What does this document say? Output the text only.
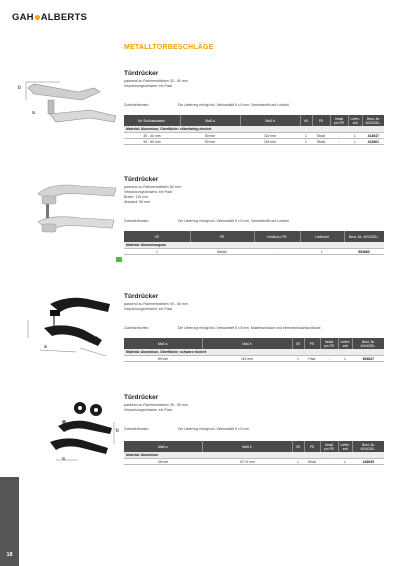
GAH ALBERTS
METALLTORBESCHLÄGE
b
a
Türdrücker
passend zu Rahmenstärken 30 - 60 mm
Verpackungshinweis: ein Paar
Zubehörhinweis:	Die Lieferung erfolgt inkl. Vierkantstift 8 x 8 mm, Gewindestift und Lochteil
für Schlosskasten	Maß a	Maß b	VE	PE	Inhalt pro PE	Liefer-zeit	Best.-Nr. 4004330...
Material: Aluminium, Oberfläche: silberfarbig eloxiert							
30 - 40 mm	50 mm	115 mm	1	Stück	-	L	412647
50 - 60 mm	50 mm	115 mm	1	Stück	-	L	412661
Türdrücker
passend zu Rahmenstärken 50 mm
Verpackungshinweis: ein Paar
Breite: 115 mm
Abstand: 50 mm
Zubehörhinweis:	Die Lieferung erfolgt inkl. Vierkantstift 8 x 8 mm, Gewindestift und Lochteil
VE	PE	Inhalt pro PE	Lieferzeit	Best.-Nr. 4004330...
Material: Aluminiumguss				
1	Beutel	-	L	554880
b
a
Türdrücker
passend zu Rahmenstärken 40 - 65 mm
Verpackungshinweis: ein Paar
Zubehörhinweis:	Die Lieferung erfolgt inkl. Vierkantstift 8 x 8 mm, Madenschraube und Innensechskantschlüssel
Maß a	Maß b	VE	PE	Inhalt pro PE	Liefer-zeit	Best.-Nr. 4004330...
Material: Aluminium, Oberfläche: schwarz eloxiert						
50 mm	115 mm	1	Paar	-	L	654847
b
a
Türdrücker
passend zu Rahmenstärken 35 - 50 mm
Verpackungshinweis: ein Paar
Zubehörhinweis:	Die Lieferung erfolgt inkl. Vierkantstift 8 x 8 mm
Maß a	Maß b	VE	PE	Inhalt pro PE	Liefer-zeit	Best.-Nr. 4004330...
Material: Aluminium						
46 mm	107,5 mm	1	Stück	-	L	416635
18
